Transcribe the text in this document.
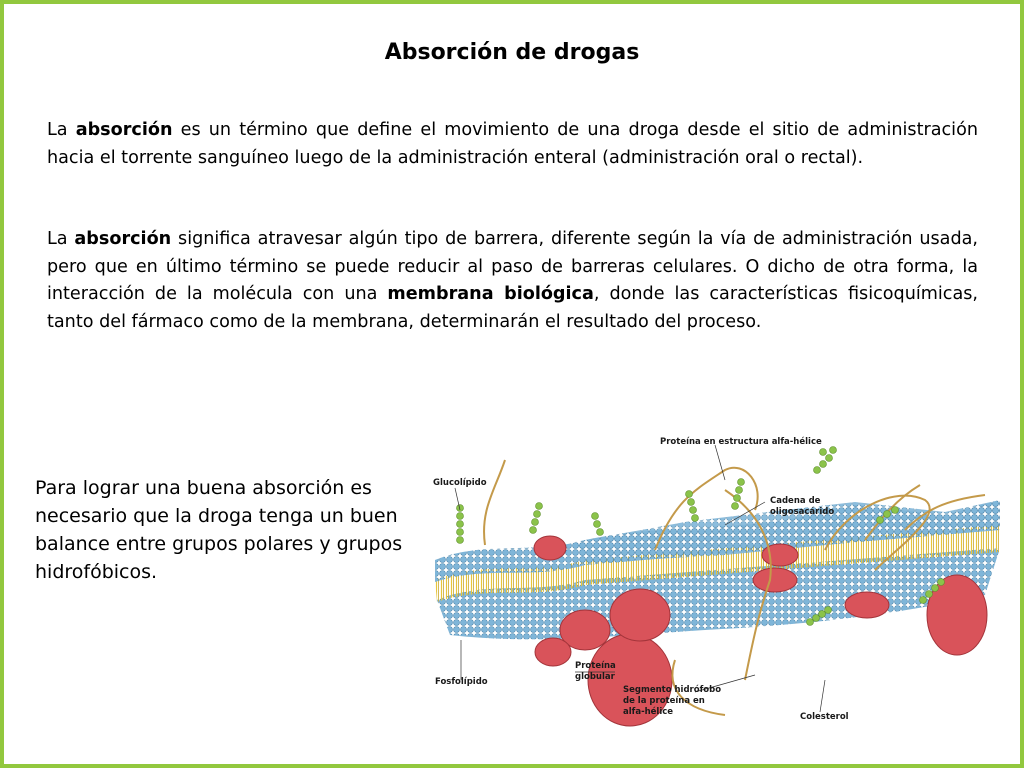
Absorción de drogas
La absorción es un término que define el movimiento de una droga desde el sitio de administración hacia el torrente sanguíneo luego de la administración enteral (administración oral o rectal).
La absorción significa atravesar algún tipo de barrera, diferente según la vía de administración usada, pero que en último término se puede reducir al paso de barreras celulares. O dicho de otra forma, la interacción de la molécula con una membrana biológica, donde las características fisicoquímicas, tanto del fármaco como de la membrana, determinarán el resultado del proceso.
Para lograr una buena absorción es necesario que la droga tenga un buen balance entre grupos polares y grupos hidrofóbicos.
Proteína en estructura alfa-hélice
Glucolípido
Cadena de
oligosacárido
Proteína
globular
Segmento hidrófobo
de la proteína en
alfa-hélice
Fosfolípido
Colesterol
